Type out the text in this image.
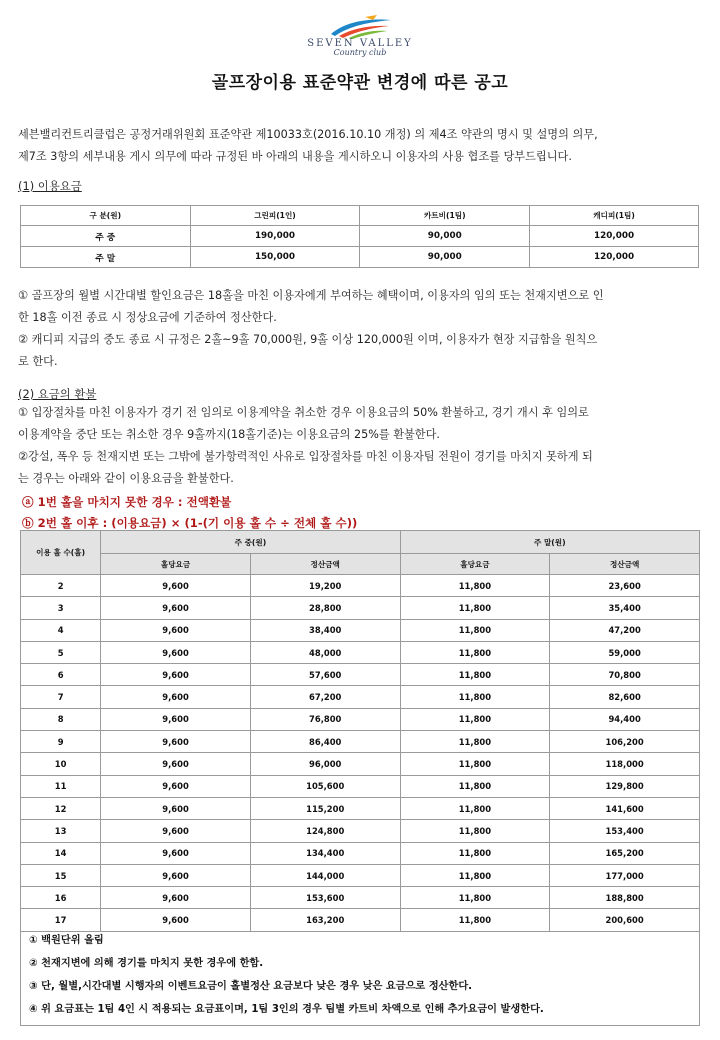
SEVEN VALLEY
Country club
골프장이용 표준약관 변경에 따른 공고

세븐밸리컨트리클럽은 공정거래위원회 표준약관 제10033호(2016.10.10 개정) 의 제4조 약관의 명시 및 설명의 의무,
제7조 3항의 세부내용 게시 의무에 따라 규정된 바 아래의 내용을 게시하오니 이용자의 사용 협조를 당부드립니다.

(1) 이용요금
구 분(원)	그린피(1인)	카트비(1팀)	캐디피(1팀)
주 중	190,000	90,000	120,000
주 말	150,000	90,000	120,000

① 골프장의 월별 시간대별 할인요금은 18홀을 마친 이용자에게 부여하는 혜택이며, 이용자의 임의 또는 천재지변으로 인
한 18홀 이전 종료 시 정상요금에 기준하여 정산한다.
② 캐디피 지급의 중도 종료 시 규정은 2홀~9홀 70,000원, 9홀 이상 120,000원 이며, 이용자가 현장 지급함을 원칙으
로 한다.

(2) 요금의 환불

① 입장절차를 마친 이용자가 경기 전 임의로 이용계약을 취소한 경우 이용요금의 50% 환불하고, 경기 개시 후 임의로
이용계약을 중단 또는 취소한 경우 9홀까지(18홀기준)는 이용요금의 25%를 환불한다.
②강설, 폭우 등 천재지변 또는 그밖에 불가항력적인 사유로 입장절차를 마친 이용자팀 전원이 경기를 마치지 못하게 되
는 경우는 아래와 같이 이용요금을 환불한다.

ⓐ 1번 홀을 마치지 못한 경우 : 전액환불
ⓑ 2번 홀 이후 : (이용요금) × (1-(기 이용 홀 수 ÷ 전체 홀 수))
이용 홀 수(홀)	주 중(원)		주 말(원)	
	홀당요금	정산금액	홀당요금	정산금액
2	9,600	19,200	11,800	23,600
3	9,600	28,800	11,800	35,400
4	9,600	38,400	11,800	47,200
5	9,600	48,000	11,800	59,000
6	9,600	57,600	11,800	70,800
7	9,600	67,200	11,800	82,600
8	9,600	76,800	11,800	94,400
9	9,600	86,400	11,800	106,200
10	9,600	96,000	11,800	118,000
11	9,600	105,600	11,800	129,800
12	9,600	115,200	11,800	141,600
13	9,600	124,800	11,800	153,400
14	9,600	134,400	11,800	165,200
15	9,600	144,000	11,800	177,000
16	9,600	153,600	11,800	188,800
17	9,600	163,200	11,800	200,600
① 백원단위 올림
② 천재지변에 의해 경기를 마치지 못한 경우에 한함.
③ 단, 월별,시간대별 시행자의 이벤트요금이 홀별정산 요금보다 낮은 경우 낮은 요금으로 정산한다.
④ 위 요금표는 1팀 4인 시 적용되는 요금표이며, 1팀 3인의 경우 팀별 카트비 차액으로 인해 추가요금이 발생한다.
